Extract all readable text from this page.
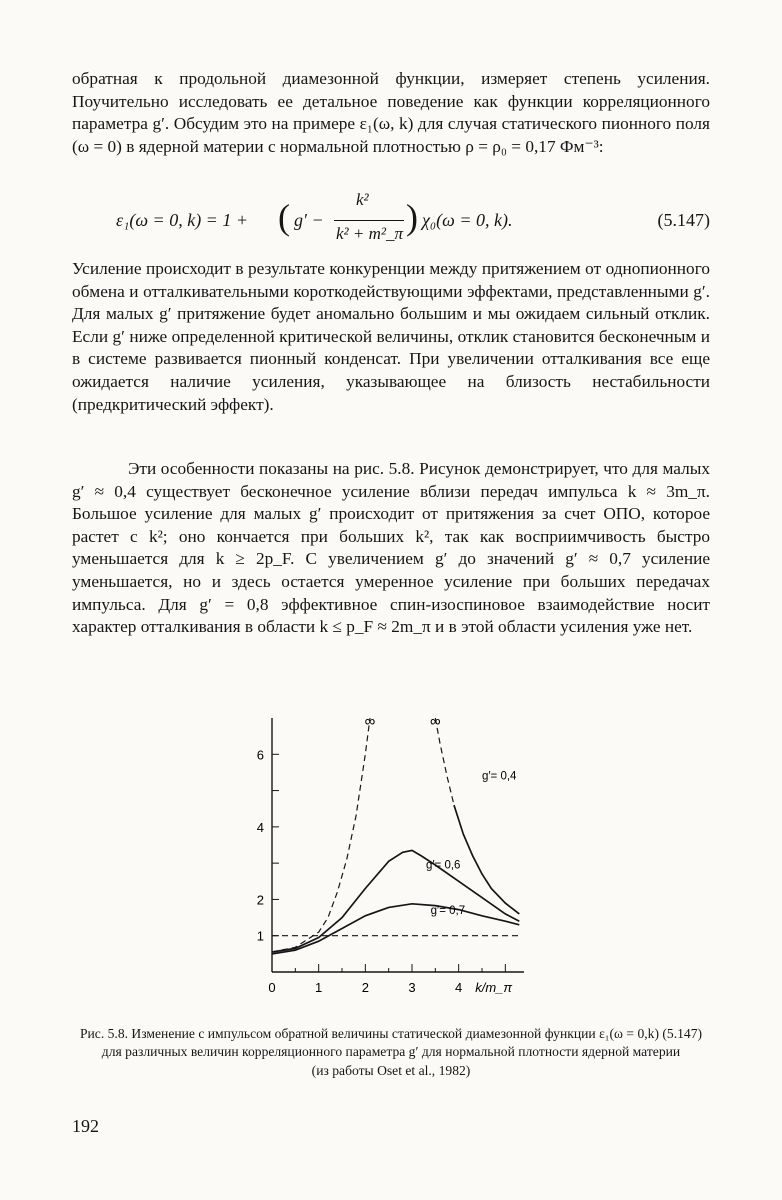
обратная к продольной диамезонной функции, измеряет степень усиления. Поучительно исследовать ее детальное поведение как функции корреляционного параметра g′. Обсудим это на примере ε₁(ω, k) для случая статического пионного поля (ω = 0) в ядерной материи с нормальной плотностью ρ = ρ₀ = 0,17 Фм⁻³:

ε₁(ω = 0, k) = 1 + ( g′ −
k²
k² + m²_π ) χ₀(ω = 0, k).	(5.147)

Усиление происходит в результате конкуренции между притяжением от однопионного обмена и отталкивательными короткодействующими эффектами, представленными g′. Для малых g′ притяжение будет аномально большим и мы ожидаем сильный отклик. Если g′ ниже определенной критической величины, отклик становится бесконечным и в системе развивается пионный конденсат. При увеличении отталкивания все еще ожидается наличие усиления, указывающее на близость нестабильности (предкритический эффект).

Эти особенности показаны на рис. 5.8. Рисунок демонстрирует, что для малых g′ ≈ 0,4 существует бесконечное усиление вблизи передач импульса k ≈ 3m_π. Большое усиление для малых g′ происходит от притяжения за счет ОПО, которое растет с k²; оно кончается при больших k², так как восприимчивость быстро уменьшается для k ≥ 2p_F. С увеличением g′ до значений g′ ≈ 0,7 усиление уменьшается, но и здесь остается умеренное усиление при больших передачах импульса. Для g′ = 0,8 эффективное спин-изоспиновое взаимодействие носит характер отталкивания в области k ≤ p_F ≈ 2m_π и в этой области усиления уже нет.

0	1	2	3	4 k/m_π
1
2
4
6
∞	∞
g′= 0,4
g′= 0,6
g′= 0,7
Рис. 5.8. Изменение с импульсом обратной величины статической диамезонной функции ε₁(ω = 0,k) (5.147) для различных величин корреляционного параметра g′ для нормальной плотности ядерной материи
(из работы Oset et al., 1982)
192
